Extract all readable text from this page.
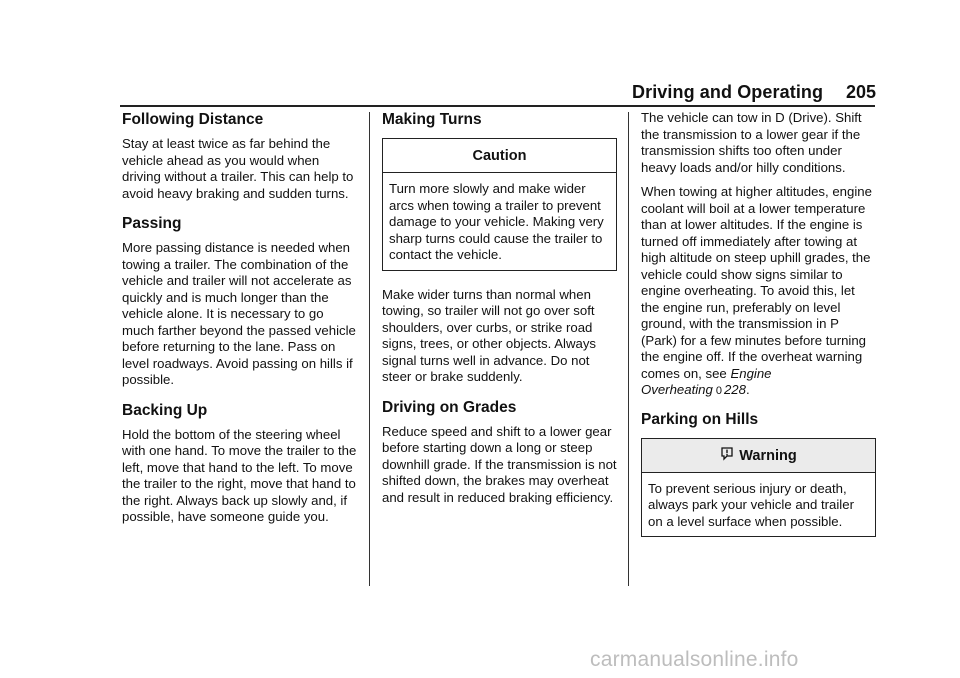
Driving and Operating 205
Following Distance

Stay at least twice as far behind the vehicle ahead as you would when driving without a trailer. This can help to avoid heavy braking and sudden turns.

Passing

More passing distance is needed when towing a trailer. The combination of the vehicle and trailer will not accelerate as quickly and is much longer than the vehicle alone. It is necessary to go much farther beyond the passed vehicle before returning to the lane. Pass on level roadways. Avoid passing on hills if possible.

Backing Up

Hold the bottom of the steering wheel with one hand. To move the trailer to the left, move that hand to the left. To move the trailer to the right, move that hand to the right. Always back up slowly and, if possible, have someone guide you.

Making Turns
Caution

Turn more slowly and make wider arcs when towing a trailer to prevent damage to your vehicle. Making very sharp turns could cause the trailer to contact the vehicle.

Make wider turns than normal when towing, so trailer will not go over soft shoulders, over curbs, or strike road signs, trees, or other objects. Always signal turns well in advance. Do not steer or brake suddenly.

Driving on Grades

Reduce speed and shift to a lower gear before starting down a long or steep downhill grade. If the transmission is not shifted down, the brakes may overheat and result in reduced braking efficiency.

The vehicle can tow in D (Drive). Shift the transmission to a lower gear if the transmission shifts too often under heavy loads and/or hilly conditions.

When towing at higher altitudes, engine coolant will boil at a lower temperature than at lower altitudes. If the engine is turned off immediately after towing at high altitude on steep uphill grades, the vehicle could show signs similar to engine overheating. To avoid this, let the engine run, preferably on level ground, with the transmission in P (Park) for a few minutes before turning the engine off. If the overheat warning comes on, see Engine Overheating 0 228.

Parking on Hills
Warning

To prevent serious injury or death, always park your vehicle and trailer on a level surface when possible.

carmanualsonline.info
